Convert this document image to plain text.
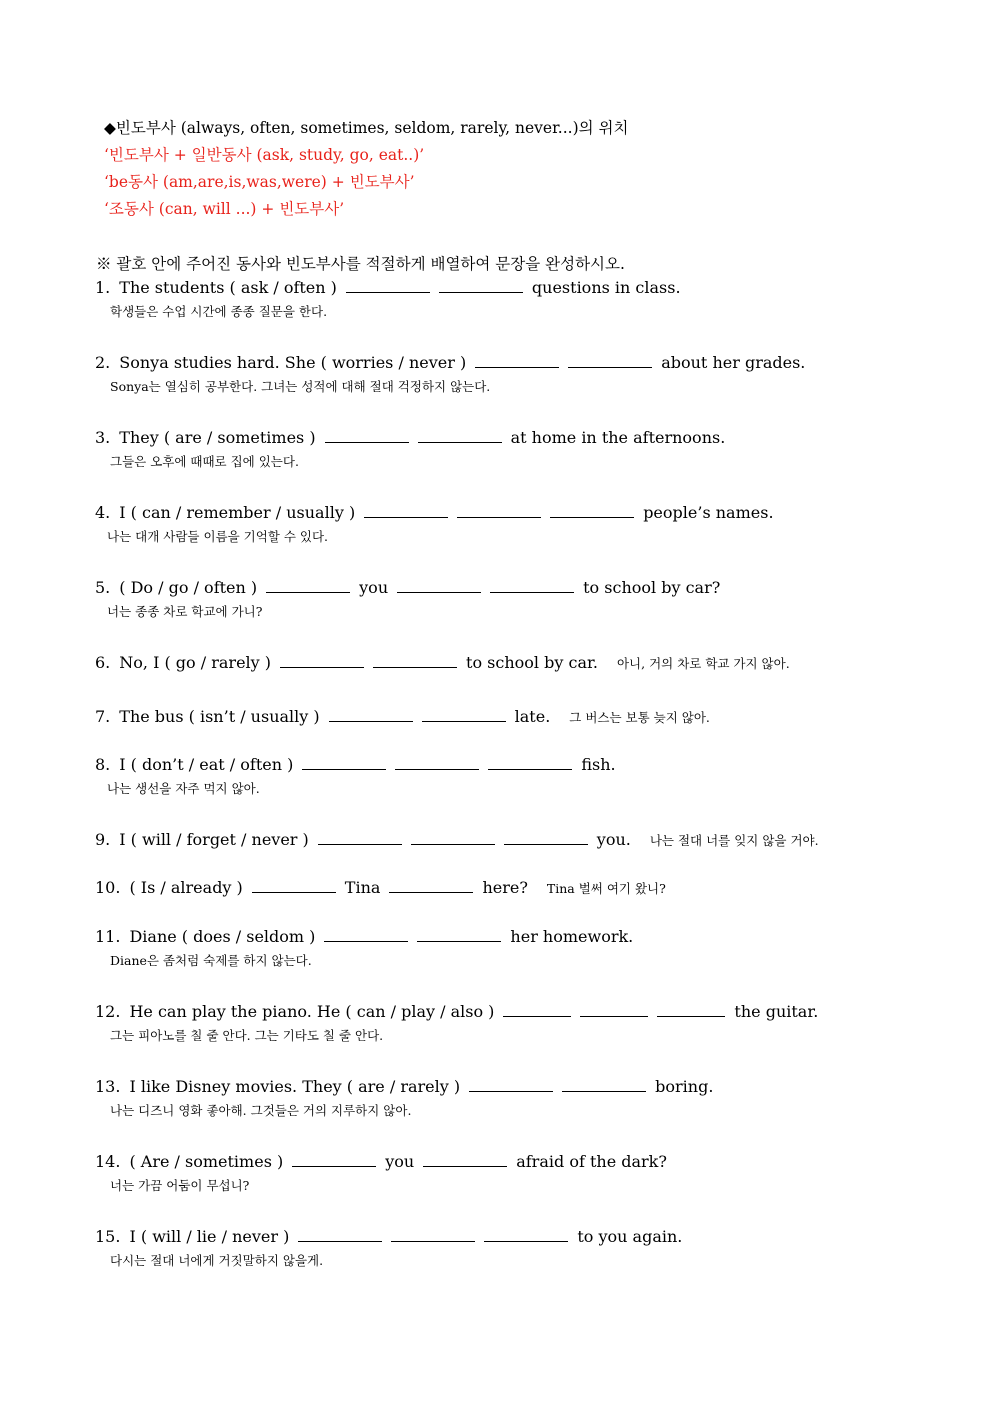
◆빈도부사 (always, often, sometimes, seldom, rarely, never...)의 위치
‘빈도부사 + 일반동사 (ask, study, go, eat..)’
‘be동사 (am,are,is,was,were) + 빈도부사’
‘조동사 (can, will ...) + 빈도부사’
※ 괄호 안에 주어진 동사와 빈도부사를 적절하게 배열하여 문장을 완성하시오.
1. The students ( ask / often )	questions in class.
학생들은 수업 시간에 종종 질문을 한다.
2. Sonya studies hard. She ( worries / never )	about her grades.
Sonya는 열심히 공부한다. 그녀는 성적에 대해 절대 걱정하지 않는다.
3. They ( are / sometimes )	at home in the afternoons.
그들은 오후에 때때로 집에 있는다.
4. I ( can / remember / usually )	people’s names.
나는 대개 사람들 이름을 기억할 수 있다.
5. ( Do / go / often )	you	to school by car?
너는 종종 차로 학교에 가니?
6. No, I ( go / rarely )	to school by car. 아니, 거의 차로 학교 가지 않아.
7. The bus ( isn’t / usually )	late. 그 버스는 보통 늦지 않아.
8. I ( don’t / eat / often )	fish.
나는 생선을 자주 먹지 않아.
9. I ( will / forget / never )	you. 나는 절대 너를 잊지 않을 거야.
10. ( Is / already )	Tina	here? Tina 벌써 여기 왔니?
11. Diane ( does / seldom )	her homework.
Diane은 좀처럼 숙제를 하지 않는다.
12. He can play the piano. He ( can / play / also )	the guitar.
그는 피아노를 칠 줄 안다. 그는 기타도 칠 줄 안다.
13. I like Disney movies. They ( are / rarely )	boring.
나는 디즈니 영화 좋아해. 그것들은 거의 지루하지 않아.
14. ( Are / sometimes )	you	afraid of the dark?
너는 가끔 어둠이 무섭니?
15. I ( will / lie / never )	to you again.
다시는 절대 너에게 거짓말하지 않을게.
